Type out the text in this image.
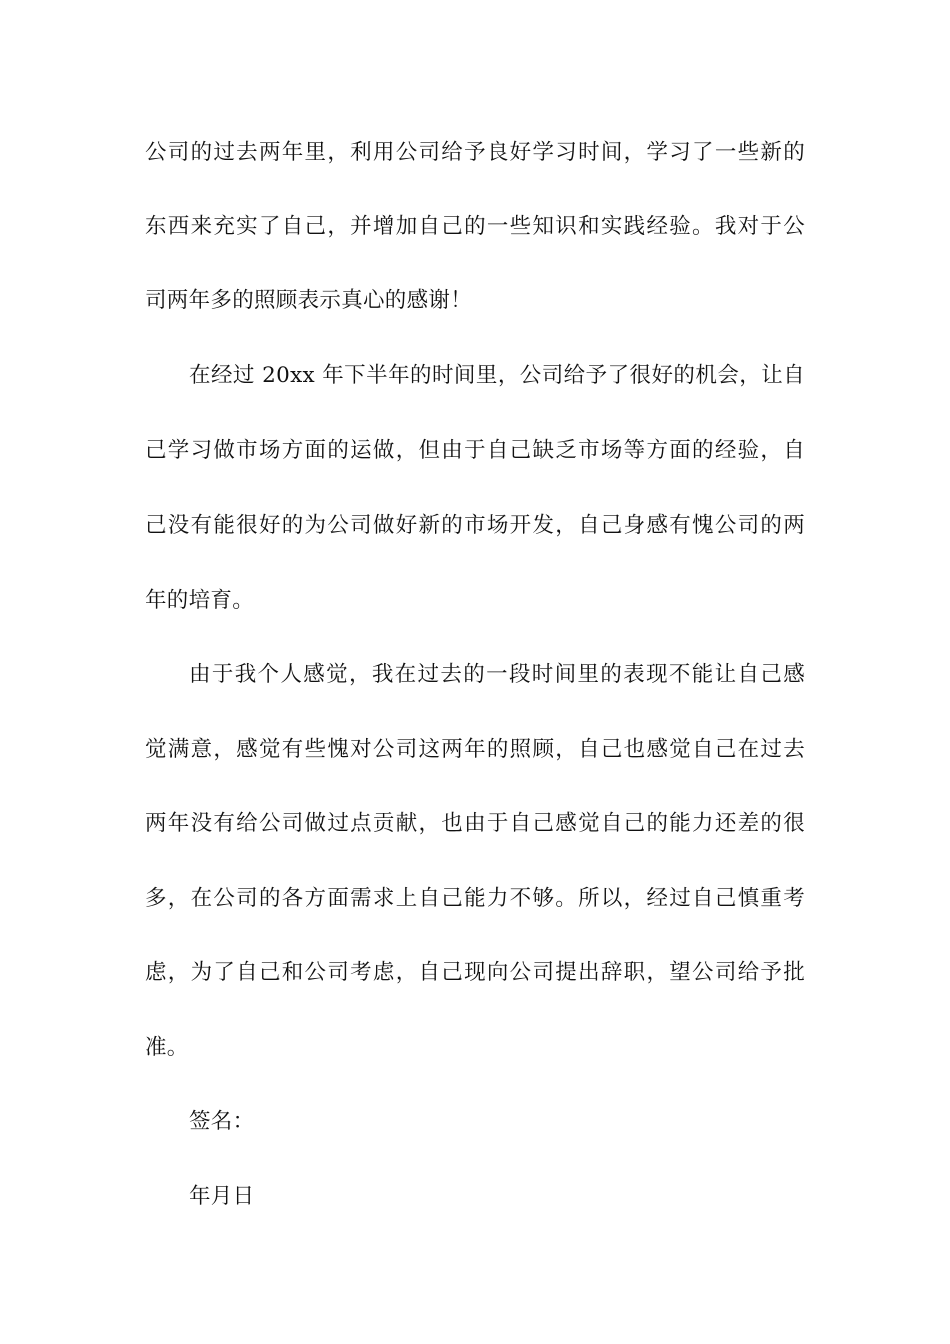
公司的过去两年里，利用公司给予良好学习时间，学习了一些新的
东西来充实了自己，并增加自己的一些知识和实践经验。我对于公
司两年多的照顾表示真心的感谢！
在经过 20xx 年下半年的时间里，公司给予了很好的机会，让自
己学习做市场方面的运做，但由于自己缺乏市场等方面的经验，自
己没有能很好的为公司做好新的市场开发，自己身感有愧公司的两
年的培育。
由于我个人感觉，我在过去的一段时间里的表现不能让自己感
觉满意，感觉有些愧对公司这两年的照顾，自己也感觉自己在过去
两年没有给公司做过点贡献，也由于自己感觉自己的能力还差的很
多，在公司的各方面需求上自己能力不够。所以，经过自己慎重考
虑，为了自己和公司考虑，自己现向公司提出辞职，望公司给予批
准。
签名：
年月日
